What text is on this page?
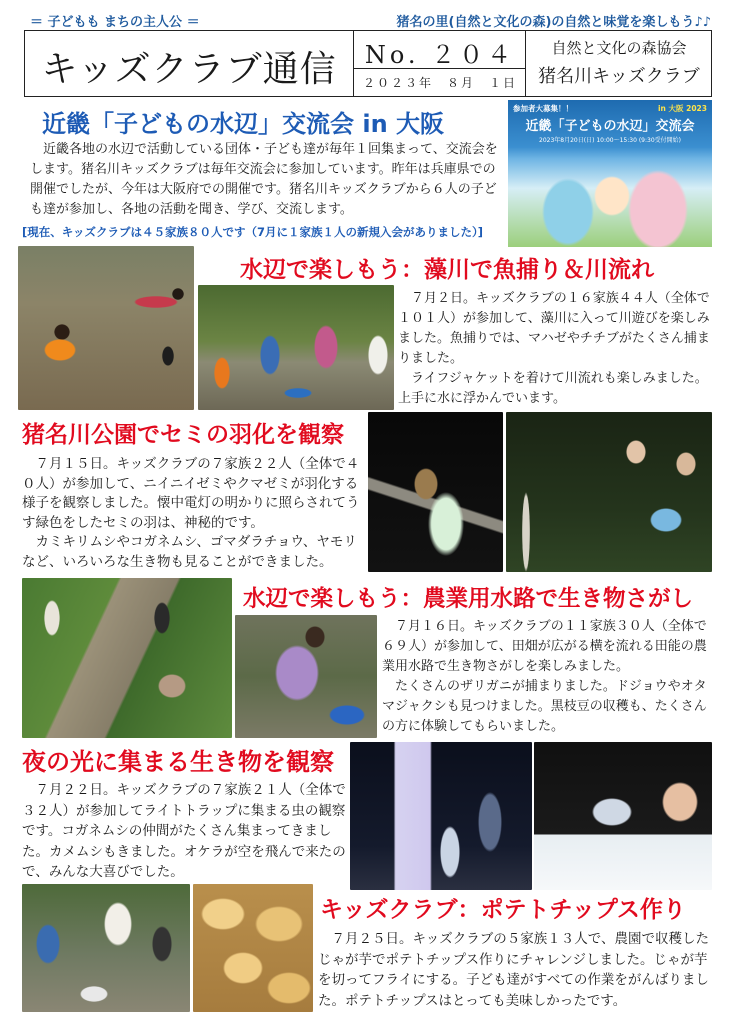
＝ 子どもも まちの主人公 ＝	猪名の里(自然と文化の森)の自然と味覚を楽しもう♪♪
キッズクラブ通信	No. ２０４
２０２３年　８月　１日
自然と文化の森協会
猪名川キッズクラブ
近畿「子どもの水辺」交流会 in 大阪

近畿各地の水辺で活動している団体・子ども達が毎年１回集まって、交流会をします。猪名川キッズクラブは毎年交流会に参加しています。昨年は兵庫県での開催でしたが、今年は大阪府での開催です。猪名川キッズクラブから６人の子ども達が参加し、各地の活動を聞き、学び、交流します。

[現在、キッズクラブは４５家族８０人です（7月に１家族１人の新規入会がありました）]
参加者大募集！！	in 大阪 2023
近畿「子どもの水辺」交流会
2023年8月20日(日) 10:00〜15:30 (9:30受付開始)
水辺で楽しもう：藻川で魚捕り＆川流れ

７月２日。キッズクラブの１６家族４４人（全体で１０１人）が参加して、藻川に入って川遊びを楽しみました。魚捕りでは、マハゼやチチブがたくさん捕まりました。

ライフジャケットを着けて川流れも楽しみました。上手に水に浮かんでいます。

猪名川公園でセミの羽化を観察

７月１５日。キッズクラブの７家族２２人（全体で４０人）が参加して、ニイニイゼミやクマゼミが羽化する様子を観察しました。懐中電灯の明かりに照らされてうす緑色をしたセミの羽は、神秘的です。

カミキリムシやコガネムシ、ゴマダラチョウ、ヤモリなど、いろいろな生き物も見ることができました。

水辺で楽しもう：農業用水路で生き物さがし

７月１６日。キッズクラブの１１家族３０人（全体で６９人）が参加して、田畑が広がる横を流れる田能の農業用水路で生き物さがしを楽しみました。

たくさんのザリガニが捕まりました。ドジョウやオタマジャクシも見つけました。黒枝豆の収穫も、たくさんの方に体験してもらいました。

夜の光に集まる生き物を観察

７月２２日。キッズクラブの７家族２１人（全体で３２人）が参加してライトトラップに集まる虫の観察です。コガネムシの仲間がたくさん集まってきました。カメムシもきました。オケラが空を飛んで来たので、みんな大喜びでした。

キッズクラブ：ポテトチップス作り

７月２５日。キッズクラブの５家族１３人で、農園で収穫したじゃが芋でポテトチップス作りにチャレンジしました。じゃが芋を切ってフライにする。子ども達がすべての作業をがんばりました。ポテトチップスはとっても美味しかったです。
